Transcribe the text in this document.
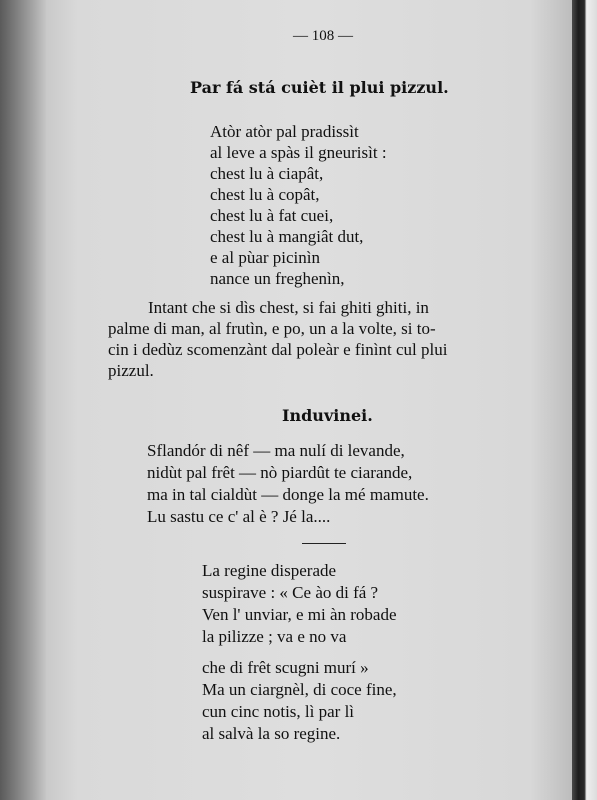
— 108 —
Par fá stá cuièt il plui pizzul.
Atòr atòr pal pradissìt
al leve a spàs il gneurisìt :
chest lu à ciapât,
chest lu à copât,
chest lu à fat cuei,
chest lu à mangiât dut,
e al pùar picinìn
nance un freghenìn,
Intant che si dìs chest, si fai ghiti ghiti, in
palme di man, al frutìn, e po, un a la volte, si to-
cin i dedùz scomenzànt dal poleàr e finìnt cul plui
pizzul.
Induvinei.
Sflandór di nêf — ma nulí di levande,
nidùt pal frêt — nò piardût te ciarande,
ma in tal cialdùt — donge la mé mamute.
Lu sastu ce c' al è ? Jé la....
La regine disperade
suspirave : « Ce ào di fá ?
Ven l' unviar, e mi àn robade
la pilizze ; va e no va
che di frêt scugni murí »
Ma un ciargnèl, di coce fine,
cun cinc notis, lì par lì
al salvà la so regine.
